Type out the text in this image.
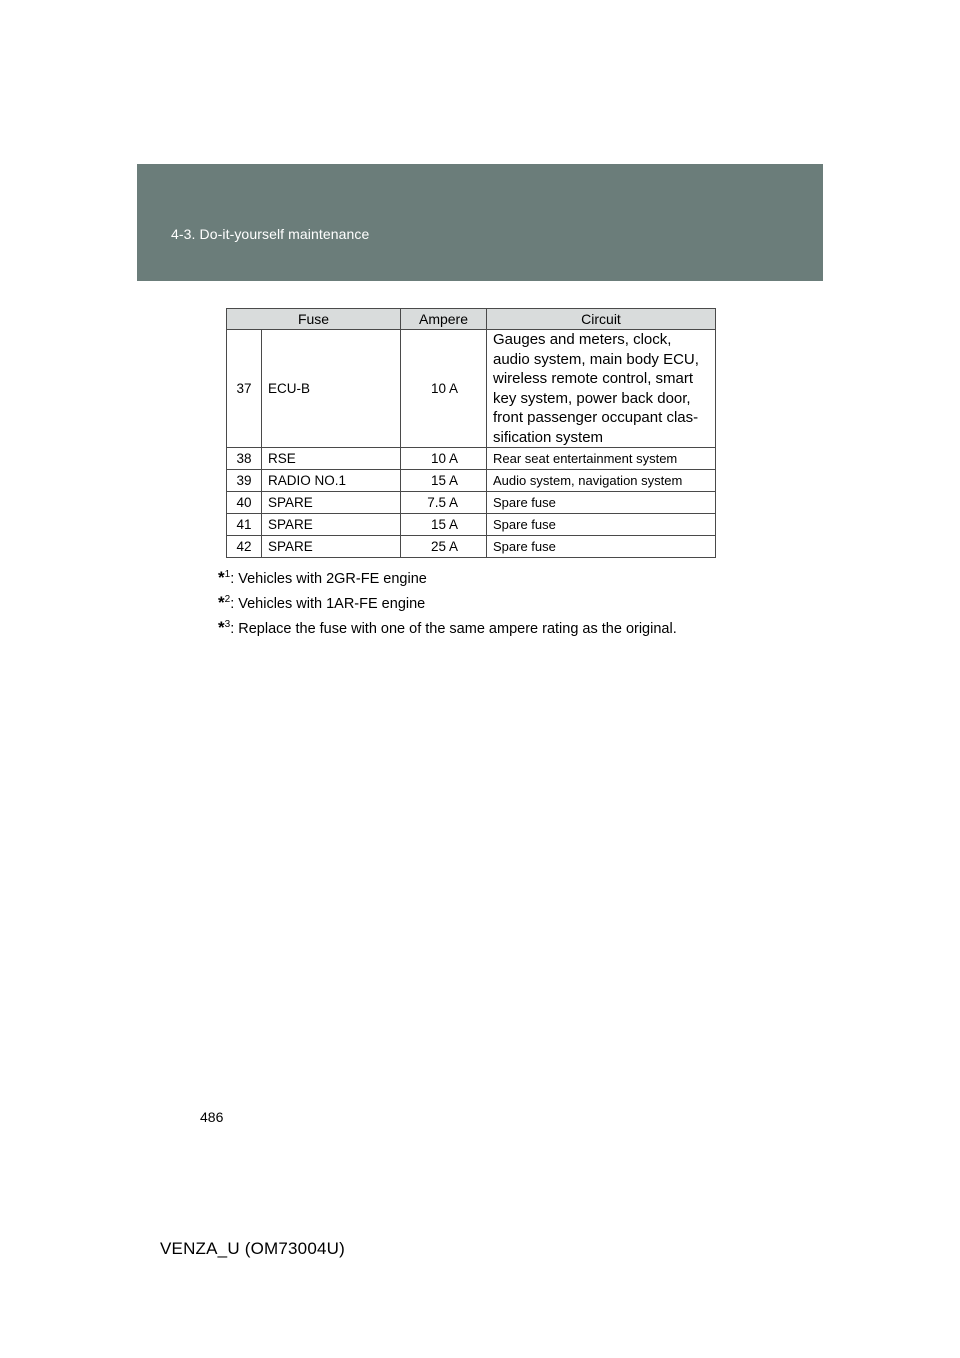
4-3. Do-it-yourself maintenance
Fuse		Ampere	Circuit
37	ECU-B	10 A	Gauges and meters, clock, audio system, main body ECU, wireless remote control, smart key system, power back door, front passenger occupant clas-sification system
38	RSE	10 A	Rear seat entertainment system
39	RADIO NO.1	15 A	Audio system, navigation system
40	SPARE	7.5 A	Spare fuse
41	SPARE	15 A	Spare fuse
42	SPARE	25 A	Spare fuse
*$^1$: Vehicles with 2GR-FE engine
*$^2$: Vehicles with 1AR-FE engine
*$^3$: Replace the fuse with one of the same ampere rating as the original.
486
VENZA_U (OM73004U)
